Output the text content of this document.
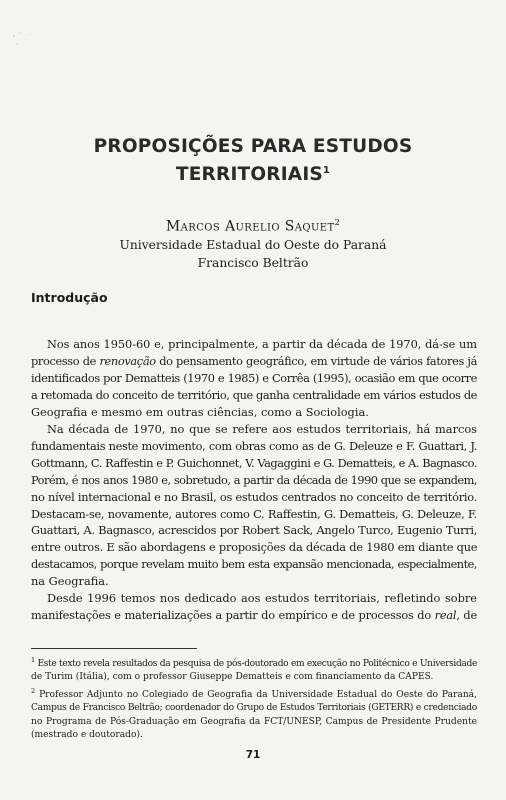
PROPOSIÇÕES PARA ESTUDOS
TERRITORIAIS$^1$
Marcos Aurelio Saquet$^2$
Universidade Estadual do Oeste do Paraná
Francisco Beltrão
Introdução
Nos anos 1950-60 e, principalmente, a partir da década de 1970, dá-se um
processo de renovação do pensamento geográfico, em virtude de vários fatores já
identificados por Dematteis (1970 e 1985) e Corrêa (1995), ocasião em que ocorre
a retomada do conceito de território, que ganha centralidade em vários estudos de
Geografia e mesmo em outras ciências, como a Sociologia.
Na década de 1970, no que se refere aos estudos territoriais, há marcos
fundamentais neste movimento, com obras como as de G. Deleuze e F. Guattari, J.
Gottmann, C. Raffestin e P. Guichonnet, V. Vagaggini e G. Dematteis, e A. Bagnasco.
Porém, é nos anos 1980 e, sobretudo, a partir da década de 1990 que se expandem,
no nível internacional e no Brasil, os estudos centrados no conceito de território.
Destacam-se, novamente, autores como C. Raffestin, G. Dematteis, G. Deleuze, F.
Guattari, A. Bagnasco, acrescidos por Robert Sack, Angelo Turco, Eugenio Turri,
entre outros. E são abordagens e proposições da década de 1980 em diante que
destacamos, porque revelam muito bem esta expansão mencionada, especialmente,
na Geografia.
Desde 1996 temos nos dedicado aos estudos territoriais, refletindo sobre
manifestações e materializações a partir do empírico e de processos do real, de
$^1$ Este texto revela resultados da pesquisa de pós-doutorado em execução no Politécnico e Universidade
de Turim (Itália), com o professor Giuseppe Dematteis e com financiamento da CAPES.
$^2$ Professor Adjunto no Colegiado de Geografia da Universidade Estadual do Oeste do Paraná,
Campus de Francisco Beltrão; coordenador do Grupo de Estudos Territoriais (GETERR) e credenciado
no Programa de Pós-Graduação em Geografia da FCT/UNESP, Campus de Presidente Prudente
(mestrado e doutorado).
71
